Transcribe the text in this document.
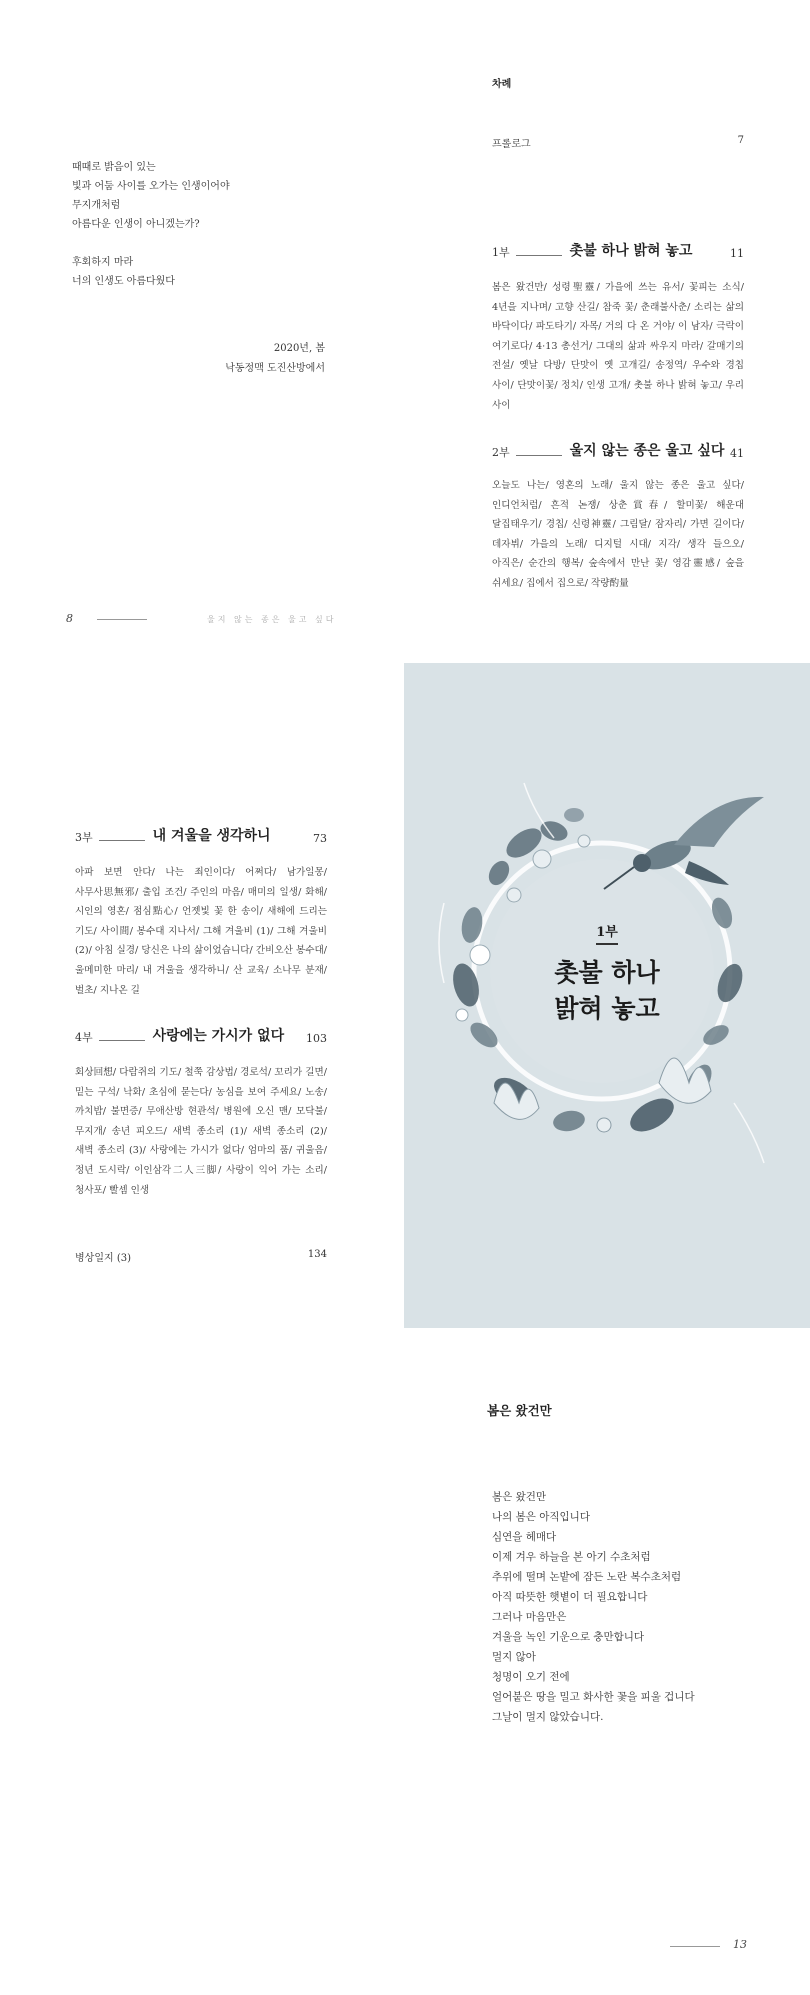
때때로 밝음이 있는
빛과 어둠 사이를 오가는 인생이어야
무지개처럼
아름다운 인생이 아니겠는가?
후회하지 마라
너의 인생도 아름다웠다
2020년, 봄
낙동정맥 도진산방에서
8	울지 않는 종은 울고 싶다
차례
프롤로그	7
1부	촛불 하나 밝혀 놓고	11
봄은 왔건만/ 성령聖靈/ 가을에 쓰는 유서/ 꽃피는 소식/ 4년을 지나며/ 고향 산길/ 참죽 꽃/ 춘래불사춘/ 소리는 삶의 바닥이다/ 파도타기/ 자목/ 거의 다 온 거야/ 이 남자/ 극락이 여기로다/ 4·13 총선거/ 그대의 삶과 싸우지 마라/ 갈매기의 전설/ 옛날 다방/ 단맛이 옛 고개길/ 송정역/ 우수와 경칩 사이/ 단맛이꽃/ 정치/ 인생 고개/ 촛불 하나 밝혀 놓고/ 우리 사이
2부	울지 않는 종은 울고 싶다 41
오늘도 나는/ 영혼의 노래/ 울지 않는 종은 울고 싶다/ 인디언처럼/ 흔적 논쟁/ 상춘賞春/ 할미꽃/ 해운대 달집태우기/ 경칩/ 신령神靈/ 그림달/ 잠자리/ 가면 길이다/ 데자뷔/ 가을의 노래/ 디지털 시대/ 지각/ 생각 들으오/ 아직은/ 순간의 행복/ 숲속에서 만난 꽃/ 영감靈感/ 숲을 쉬세요/ 집에서 집으로/ 작량酌量
3부	내 겨울을 생각하니	73
아파 보면 안다/ 나는 죄인이다/ 어쩌다/ 남가일몽/ 사무사思無邪/ 출입 조건/ 주인의 마음/ 매미의 일생/ 화해/ 시인의 영혼/ 점심點心/ 언젯빛 꽃 한 송이/ 새해에 드리는 기도/ 사이間/ 봉수대 지나서/ 그해 겨울비 (1)/ 그해 겨울비 (2)/ 아침 실경/ 당신은 나의 삶이었습니다/ 간비오산 봉수대/ 울메미한 마리/ 내 겨울을 생각하니/ 산 교육/ 소나무 분재/ 벌초/ 지나온 길
4부	사랑에는 가시가 없다 103
회상回想/ 다람쥐의 기도/ 철쭉 감상법/ 경로석/ 꼬리가 길면/ 밑는 구석/ 낙화/ 초심에 묻는다/ 농심을 보여 주세요/ 노송/ 까치밥/ 불면증/ 무애산방 현관석/ 병원에 오신 맨/ 모닥불/ 무지개/ 송년 피오드/ 새벽 종소리 (1)/ 새벽 종소리 (2)/ 새벽 종소리 (3)/ 사랑에는 가시가 없다/ 엄마의 품/ 귀울음/ 정년 도시락/ 이인삼각二人三脚/ 사랑이 익어 가는 소리/ 청사포/ 빨셈 인생
병상일지 (3)	134
1부
촛불 하나
밝혀 놓고
봄은 왔건만
봄은 왔건만
나의 봄은 아직입니다
심연을 헤매다
이제 겨우 하늘을 본 아기 수초처럼
추위에 떨며 논밭에 잠든 노란 복수초처럼
아직 따뜻한 햇볕이 더 필요합니다
그러나 마음만은
겨울을 녹인 기운으로 충만합니다
멀지 않아
청명이 오기 전에
얼어붙은 땅을 밀고 화사한 꽃을 피울 겁니다
그날이 멀지 않았습니다.
13
